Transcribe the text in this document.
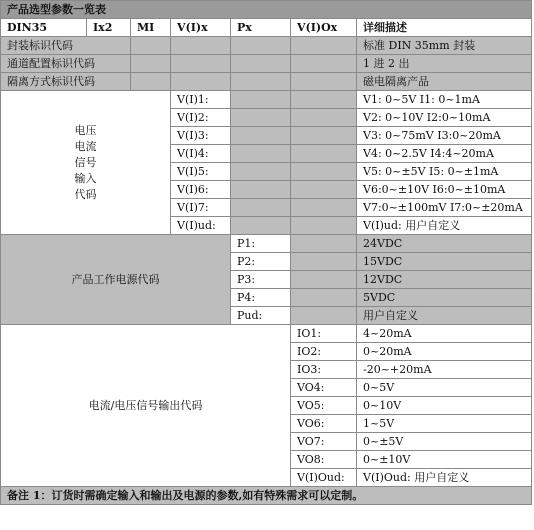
产品选型参数一览表						
DIN35	Ix2	MI	V(I)x	Px	V(I)Ox	详细描述
封装标识代码						标准 DIN 35mm 封装
通道配置标识代码						1 进 2 出
隔离方式标识代码						磁电隔离产品

电压
电流
信号
输入
代码			V(I)1:			V1: 0~5V I1: 0~1mA
			V(I)2:			V2: 0~10V I2:0~10mA
			V(I)3:			V3: 0~75mV I3:0~20mA
			V(I)4:			V4: 0~2.5V I4:4~20mA
			V(I)5:			V5: 0~±5V I5: 0~±1mA
			V(I)6:			V6:0~±10V I6:0~±10mA
			V(I)7:			V7:0~±100mV I7:0~±20mA
			V(I)ud:			V(I)ud: 用户自定义
产品工作电源代码				P1:		24VDC
				P2:		15VDC
				P3:		12VDC
				P4:		5VDC
				Pud:		用户自定义
电流/电压信号输出代码					IO1:	4~20mA
					IO2:	0~20mA
					IO3:	-20~+20mA
					VO4:	0~5V
					VO5:	0~10V
					VO6:	1~5V
					VO7:	0~±5V
					VO8:	0~±10V
					V(I)Oud:	V(I)Oud: 用户自定义
备注 1：订货时需确定输入和输出及电源的参数,如有特殊需求可以定制。						
